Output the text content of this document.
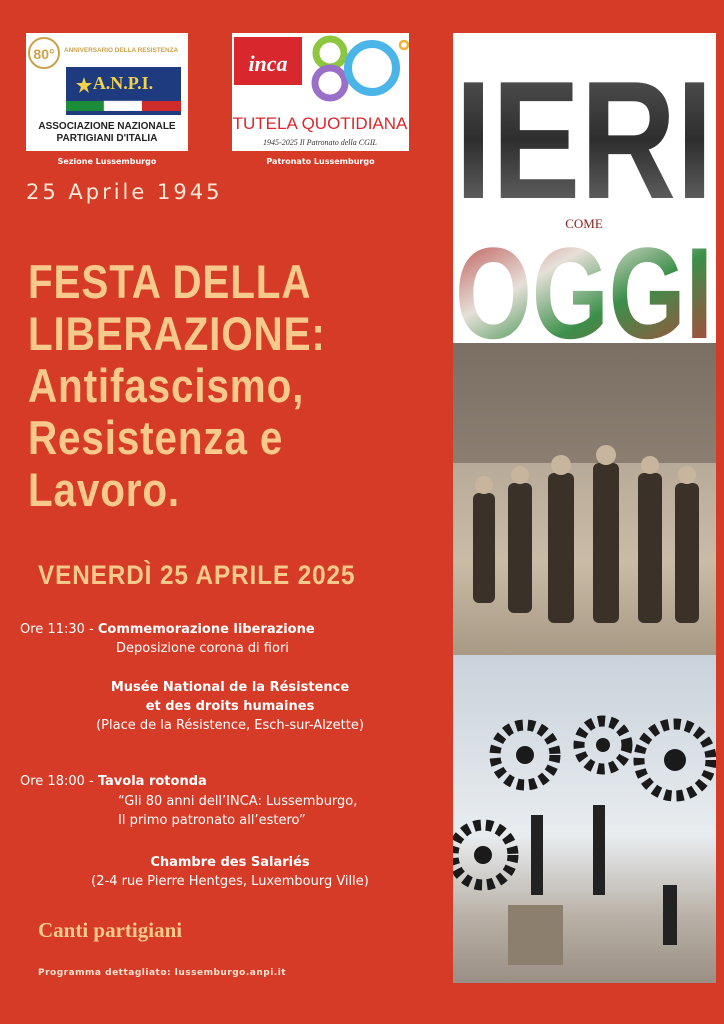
80° ANNIVERSARIO DELLA RESISTENZA
A.N.P.I.
ASSOCIAZIONE NAZIONALE
PARTIGIANI D'ITALIA
Sezione Lussemburgo
inca
TUTELA QUOTIDIANA
1945-2025 Il Patronato della CGIL
Patronato Lussemburgo
25 Aprile 1945
FESTA DELLA
LIBERAZIONE:
Antifascismo,
Resistenza e
Lavoro.
VENERDÌ 25 APRILE 2025
Ore 11:30 - Commemorazione liberazione
Deposizione corona di fiori
Musée National de la Résistence
et des droits humaines
(Place de la Résistence, Esch-sur-Alzette)
Ore 18:00 - Tavola rotonda
“Gli 80 anni dell’INCA: Lussemburgo,
Il primo patronato all’estero”
Chambre des Salariés
(2-4 rue Pierre Hentges, Luxembourg Ville)
Canti partigiani
Programma dettagliato: lussemburgo.anpi.it
IERI
COME
OGGI
